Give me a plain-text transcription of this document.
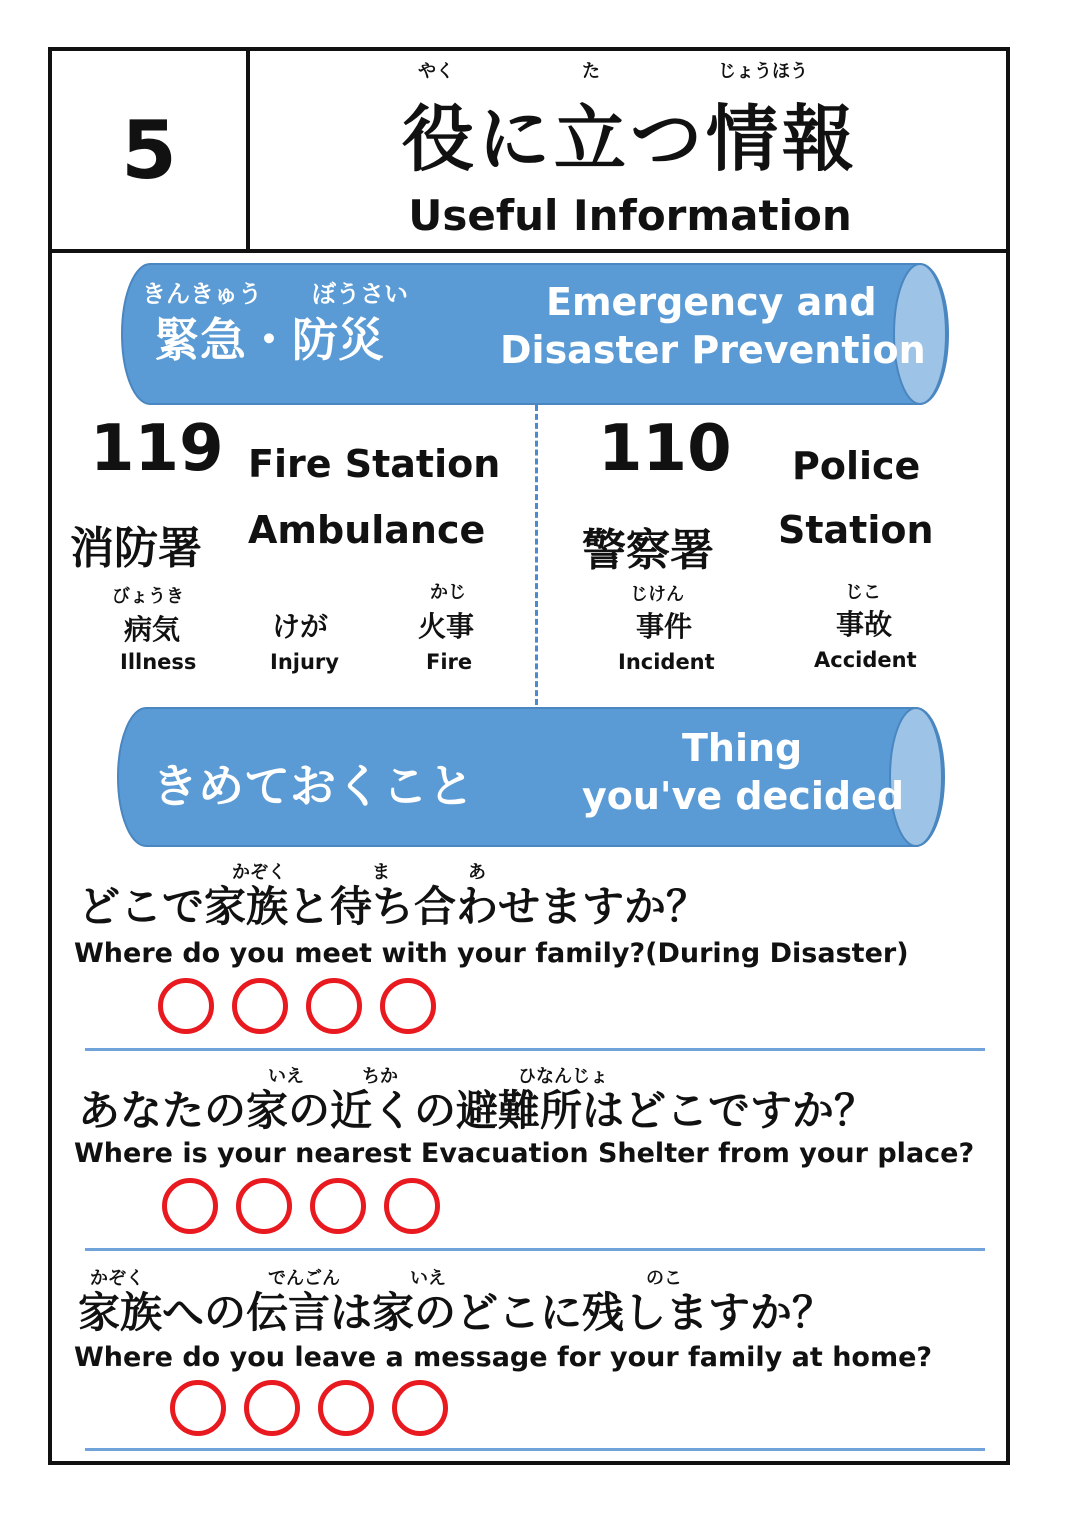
5
やく	た	じょうほう
役に立つ情報
Useful Information
きんきゅう ぼうさい
緊急・防災
Emergency and
Disaster Prevention
119 Fire Station
消防署 Ambulance
びょうき
病気
Illness
けが
Injury
かじ
火事
Fire
110 Police
警察署 Station
じけん
事件
Incident
じこ
事故
Accident
きめておくこと
Thing
you've decided
かぞく	ま	あ
どこで家族と待ち合わせますか？
Where do you meet with your family?(During Disaster)
いえ	ちか	ひなんじょ
あなたの家の近くの避難所はどこですか？
Where is your nearest Evacuation Shelter from your place?
かぞく	でんごん	いえ	のこ
家族への伝言は家のどこに残しますか？
Where do you leave a message for your family at home?
